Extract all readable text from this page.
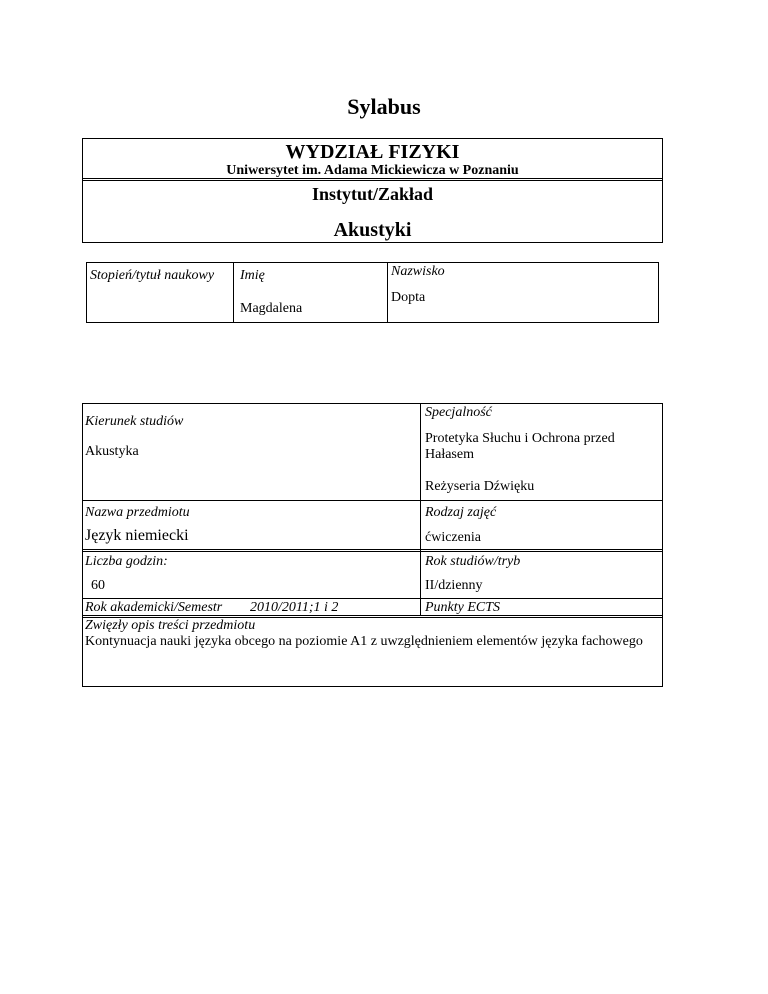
Sylabus
WYDZIAŁ FIZYKI
Uniwersytet im. Adama Mickiewicza w Poznaniu
Instytut/Zakład
Akustyki
Stopień/tytuł naukowy Imię
Magdalena
Nazwisko
Dopta
Kierunek studiów
Akustyka
Specjalność
Protetyka Słuchu i Ochrona przed
Hałasem
Reżyseria Dźwięku
Nazwa przedmiotu
Język niemiecki
Rodzaj zajęć
ćwiczenia
Liczba godzin:
60
Rok studiów/tryb
II/dzienny
Rok akademicki/Semestr 2010/2011;1 i 2	Punkty ECTS
Zwięzły opis treści przedmiotu
Kontynuacja nauki języka obcego na poziomie A1 z uwzględnieniem elementów języka fachowego
